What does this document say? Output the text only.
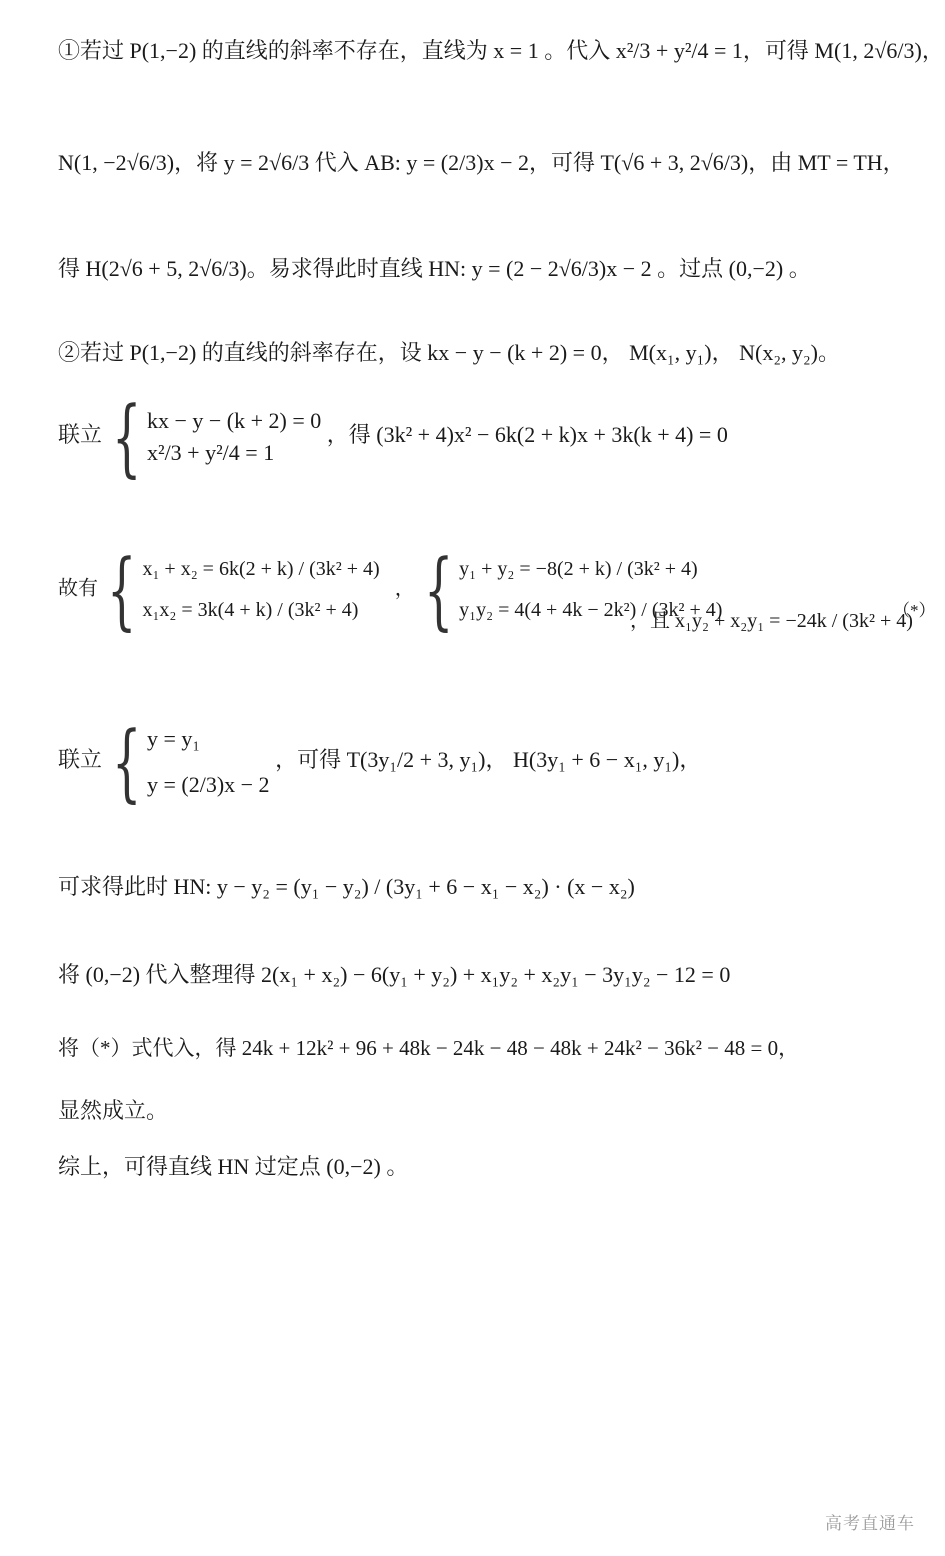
①若过 P(1,−2) 的直线的斜率不存在，直线为 x = 1 。代入 x²/3 + y²/4 = 1，可得 M(1, 2√6/3)，
N(1, −2√6/3)，将 y = 2√6/3 代入 AB: y = (2/3)x − 2，可得 T(√6 + 3, 2√6/3)，由 MT = TH，
得 H(2√6 + 5, 2√6/3)。易求得此时直线 HN: y = (2 − 2√6/3)x − 2 。过点 (0,−2) 。
②若过 P(1,−2) 的直线的斜率存在，设 kx − y − (k + 2) = 0， M(x₁, y₁)， N(x₂, y₂)。
联立 { kx − y − (k + 2) = 0
x²/3 + y²/4 = 1
，得 (3k² + 4)x² − 6k(2 + k)x + 3k(k + 4) = 0
故有 { x₁ + x₂ = 6k(2 + k) / (3k² + 4)
x₁x₂ = 3k(4 + k) / (3k² + 4)
， { y₁ + y₂ = −8(2 + k) / (3k² + 4)
y₁y₂ = 4(4 + 4k − 2k²) / (3k² + 4)
，且 x₁y₂ + x₂y₁ = −24k / (3k² + 4)
（*）
联立 { y = y₁
y = (2/3)x − 2
，可得 T(3y₁/2 + 3, y₁)， H(3y₁ + 6 − x₁, y₁)，
可求得此时 HN: y − y₂ = (y₁ − y₂) / (3y₁ + 6 − x₁ − x₂) · (x − x₂)
将 (0,−2) 代入整理得 2(x₁ + x₂) − 6(y₁ + y₂) + x₁y₂ + x₂y₁ − 3y₁y₂ − 12 = 0
将（*）式代入，得 24k + 12k² + 96 + 48k − 24k − 48 − 48k + 24k² − 36k² − 48 = 0，
显然成立。
综上，可得直线 HN 过定点 (0,−2) 。
高考直通车
